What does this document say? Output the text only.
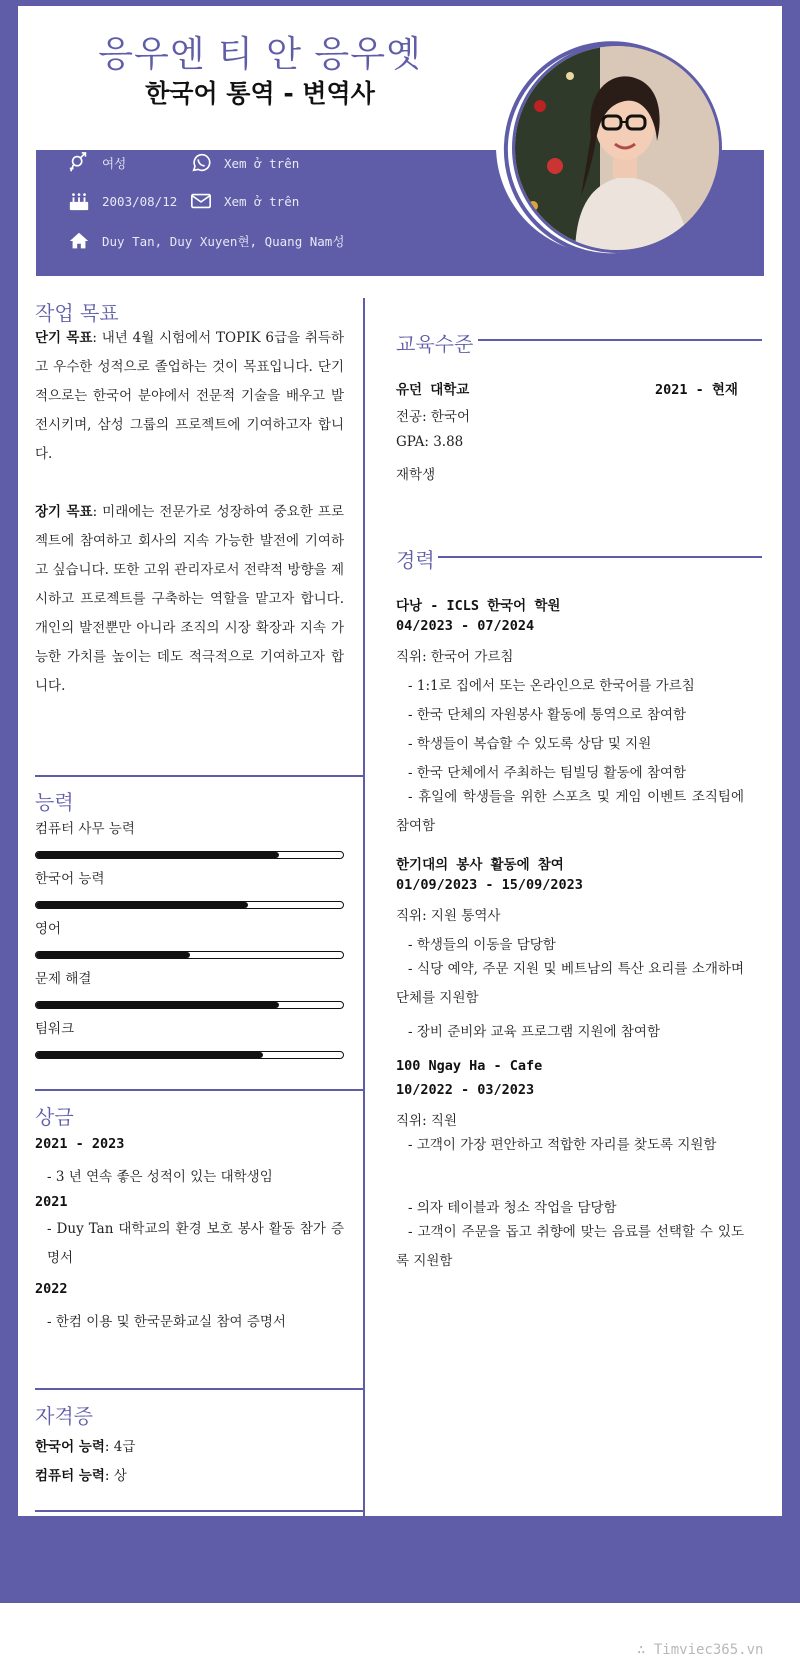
응우엔 티 안 응우옛
한국어 통역 - 변역사
여성	Xem ở trên
2003/08/12	Xem ở trên
Duy Tan, Duy Xuyen현, Quang Nam성
작업 목표

단기 목표: 내년 4월 시험에서 TOPIK 6급을 취득하고 우수한 성적으로 졸업하는 것이 목표입니다. 단기적으로는 한국어 분야에서 전문적 기술을 배우고 발전시키며, 삼성 그룹의 프로젝트에 기여하고자 합니다.

장기 목표: 미래에는 전문가로 성장하여 중요한 프로젝트에 참여하고 회사의 지속 가능한 발전에 기여하고 싶습니다. 또한 고위 관리자로서 전략적 방향을 제시하고 프로젝트를 구축하는 역할을 맡고자 합니다. 개인의 발전뿐만 아니라 조직의 시장 확장과 지속 가능한 가치를 높이는 데도 적극적으로 기여하고자 합니다.

능력
컴퓨터 사무 능력
한국어 능력
영어
문제 해결
팀워크
상금
2021 - 2023
- 3 년 연속 좋은 성적이 있는 대학생임
2021
- Duy Tan 대학교의 환경 보호 봉사 활동 참가 증명서
2022
- 한컴 이용 및 한국문화교실 참여 증명서
자격증
한국어 능력: 4급
컴퓨터 능력: 상
교육수준
유던 대학교	2021 - 현재
전공: 한국어
GPA: 3.88
재학생
경력
다낭 - ICLS 한국어 학원
04/2023 - 07/2024
직위: 한국어 가르침
- 1:1로 집에서 또는 온라인으로 한국어를 가르침
- 한국 단체의 자원봉사 활동에 통역으로 참여함
- 학생들이 복습할 수 있도록 상담 및 지원
- 한국 단체에서 주최하는 팀빌딩 활동에 참여함
- 휴일에 학생들을 위한 스포츠 및 게임 이벤트 조직팀에 참여함
한기대의 봉사 활동에 참여
01/09/2023 - 15/09/2023
직위: 지원 통역사
- 학생들의 이동을 담당함
- 식당 예약, 주문 지원 및 베트남의 특산 요리를 소개하며 단체를 지원함
- 장비 준비와 교육 프로그램 지원에 참여함
100 Ngay Ha - Cafe
10/2022 - 03/2023
직위: 직원
- 고객이 가장 편안하고 적합한 자리를 찾도록 지원함
- 의자 테이블과 청소 작업을 담당함
- 고객이 주문을 돕고 취향에 맞는 음료를 선택할 수 있도록 지원함
∴ Timviec365.vn
